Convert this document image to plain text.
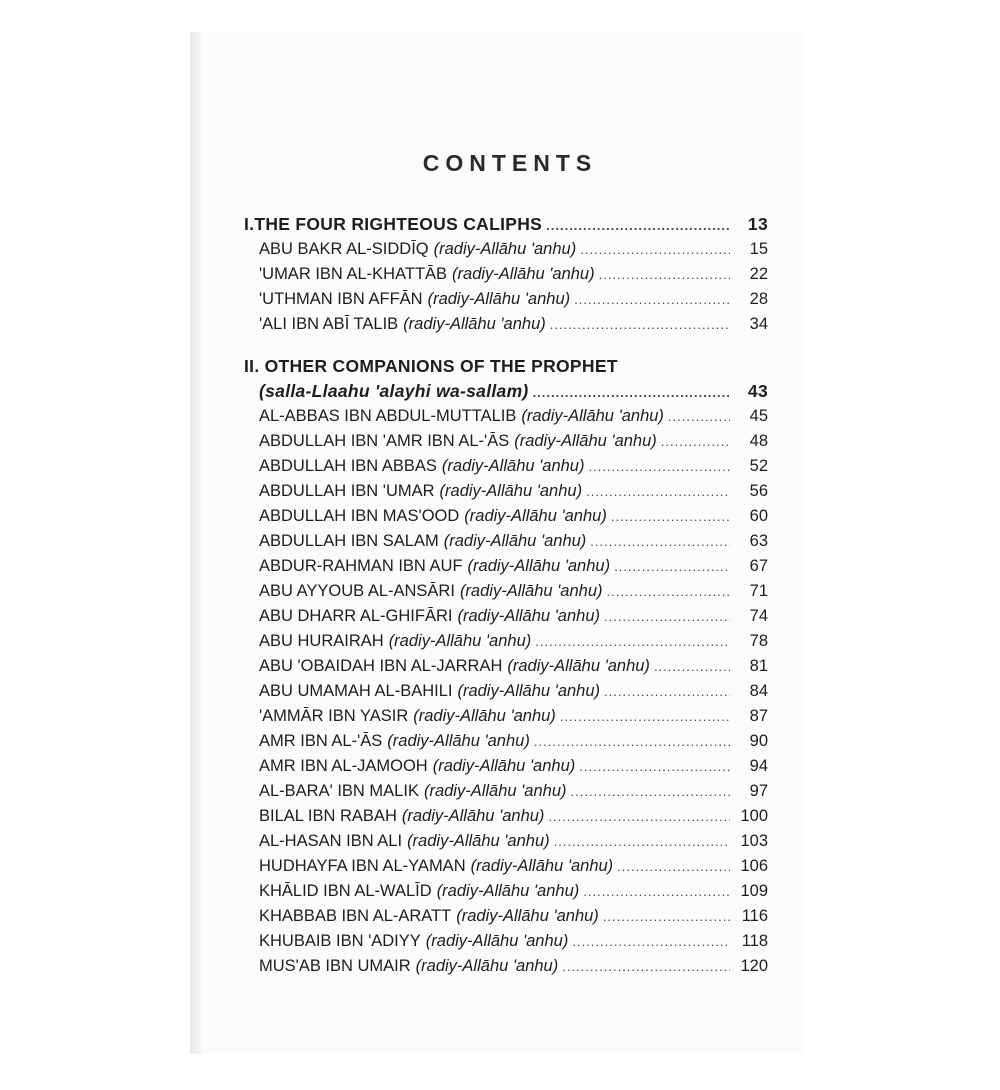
CONTENTS
I.THE FOUR RIGHTEOUS CALIPHS .....	13
ABU BAKR AL-SIDDĪQ (radiy-Allāhu 'anhu) .....	15
'UMAR IBN AL-KHATTĀB (radiy-Allāhu 'anhu) .....	22
'UTHMAN IBN AFFĀN (radiy-Allāhu 'anhu) .....	28
'ALI IBN ABĪ TALIB (radiy-Allāhu 'anhu) .....	34
II. OTHER COMPANIONS OF THE PROPHET
(salla-Llaahu 'alayhi wa-sallam) .....	43
AL-ABBAS IBN ABDUL-MUTTALIB (radiy-Allāhu 'anhu) .....	45
ABDULLAH IBN 'AMR IBN AL-'ĀS (radiy-Allāhu 'anhu) .....	48
ABDULLAH IBN ABBAS (radiy-Allāhu 'anhu) .....	52
ABDULLAH IBN 'UMAR (radiy-Allāhu 'anhu) .....	56
ABDULLAH IBN MAS'OOD (radiy-Allāhu 'anhu) .....	60
ABDULLAH IBN SALAM (radiy-Allāhu 'anhu) .....	63
ABDUR-RAHMAN IBN AUF (radiy-Allāhu 'anhu) .....	67
ABU AYYOUB AL-ANSĀRI (radiy-Allāhu 'anhu) .....	71
ABU DHARR AL-GHIFĀRI (radiy-Allāhu 'anhu) .....	74
ABU HURAIRAH (radiy-Allāhu 'anhu) .....	78
ABU 'OBAIDAH IBN AL-JARRAH (radiy-Allāhu 'anhu) .....	81
ABU UMAMAH AL-BAHILI (radiy-Allāhu 'anhu) .....	84
'AMMĀR IBN YASIR (radiy-Allāhu 'anhu) .....	87
AMR IBN AL-'ĀS (radiy-Allāhu 'anhu) .....	90
AMR IBN AL-JAMOOH (radiy-Allāhu 'anhu) .....	94
AL-BARA' IBN MALIK (radiy-Allāhu 'anhu) .....	97
BILAL IBN RABAH (radiy-Allāhu 'anhu) .....	100
AL-HASAN IBN ALI (radiy-Allāhu 'anhu) .....	103
HUDHAYFA IBN AL-YAMAN (radiy-Allāhu 'anhu) .....	106
KHĀLID IBN AL-WALĪD (radiy-Allāhu 'anhu) .....	109
KHABBAB IBN AL-ARATT (radiy-Allāhu 'anhu) .....	116
KHUBAIB IBN 'ADIYY (radiy-Allāhu 'anhu) .....	118
MUS'AB IBN UMAIR (radiy-Allāhu 'anhu) .....	120
